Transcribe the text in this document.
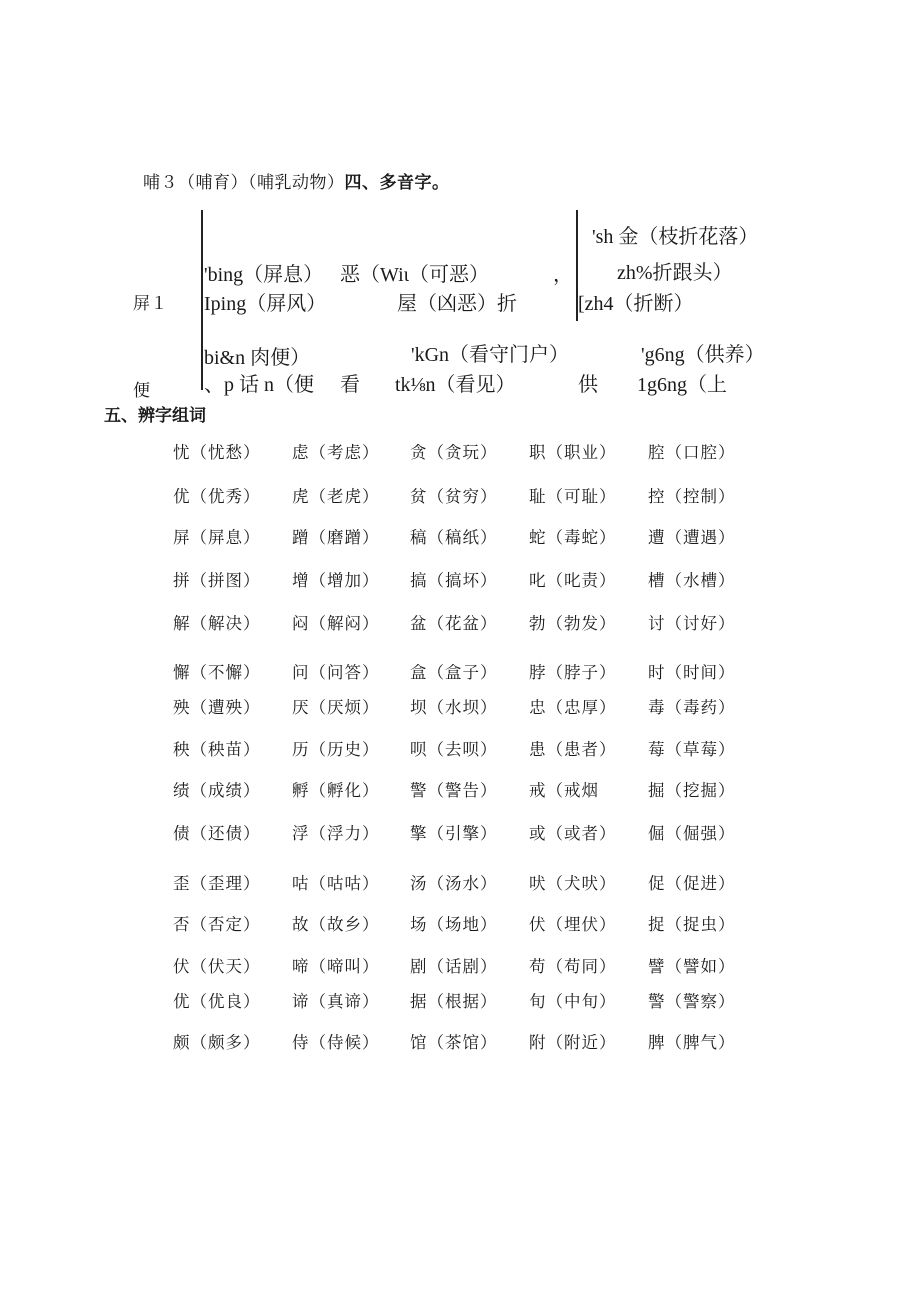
哺３（哺育）（哺乳动物）四、多音字。
屏１
'bing（屏息）
Iping（屏风）
恶（Wiι（可恶）
屋（凶恶）折
，
'sh 金（枝折花落）
zh%折跟头）
[zh4（折断）
便
bi&n 肉便）
、p 话 n（便 看
'kGn（看守门户）
tk⅛n（看见）	供
'g6ng（供养）
1g6ng（上
五、辨字组词
忧（忧愁） 虑（考虑） 贪（贪玩） 职（职业） 腔（口腔）
优（优秀） 虎（老虎） 贫（贫穷） 耻（可耻） 控（控制）
屏（屏息） 蹭（磨蹭） 稿（稿纸） 蛇（毒蛇） 遭（遭遇）
拼（拼图） 增（增加） 搞（搞坏） 叱（叱责） 槽（水槽）
解（解决） 闷（解闷） 盆（花盆） 勃（勃发） 讨（讨好）
懈（不懈） 问（问答） 盒（盒子） 脖（脖子） 时（时间）
殃（遭殃） 厌（厌烦） 坝（水坝） 忠（忠厚） 毒（毒药）
秧（秧苗） 历（历史） 呗（去呗） 患（患者） 莓（草莓）
绩（成绩） 孵（孵化） 警（警告） 戒（戒烟	掘（挖掘）
债（还债） 浮（浮力） 擎（引擎） 或（或者） 倔（倔强）
歪（歪理） 咕（咕咕） 汤（汤水） 吠（犬吠） 促（促进）
否（否定） 故（故乡） 场（场地） 伏（埋伏） 捉（捉虫）
伏（伏天） 啼（啼叫） 剧（话剧） 苟（苟同） 譬（譬如）
优（优良） 谛（真谛） 据（根据） 旬（中旬） 警（警察）
颇（颇多） 侍（侍候） 馆（茶馆） 附（附近） 脾（脾气）
